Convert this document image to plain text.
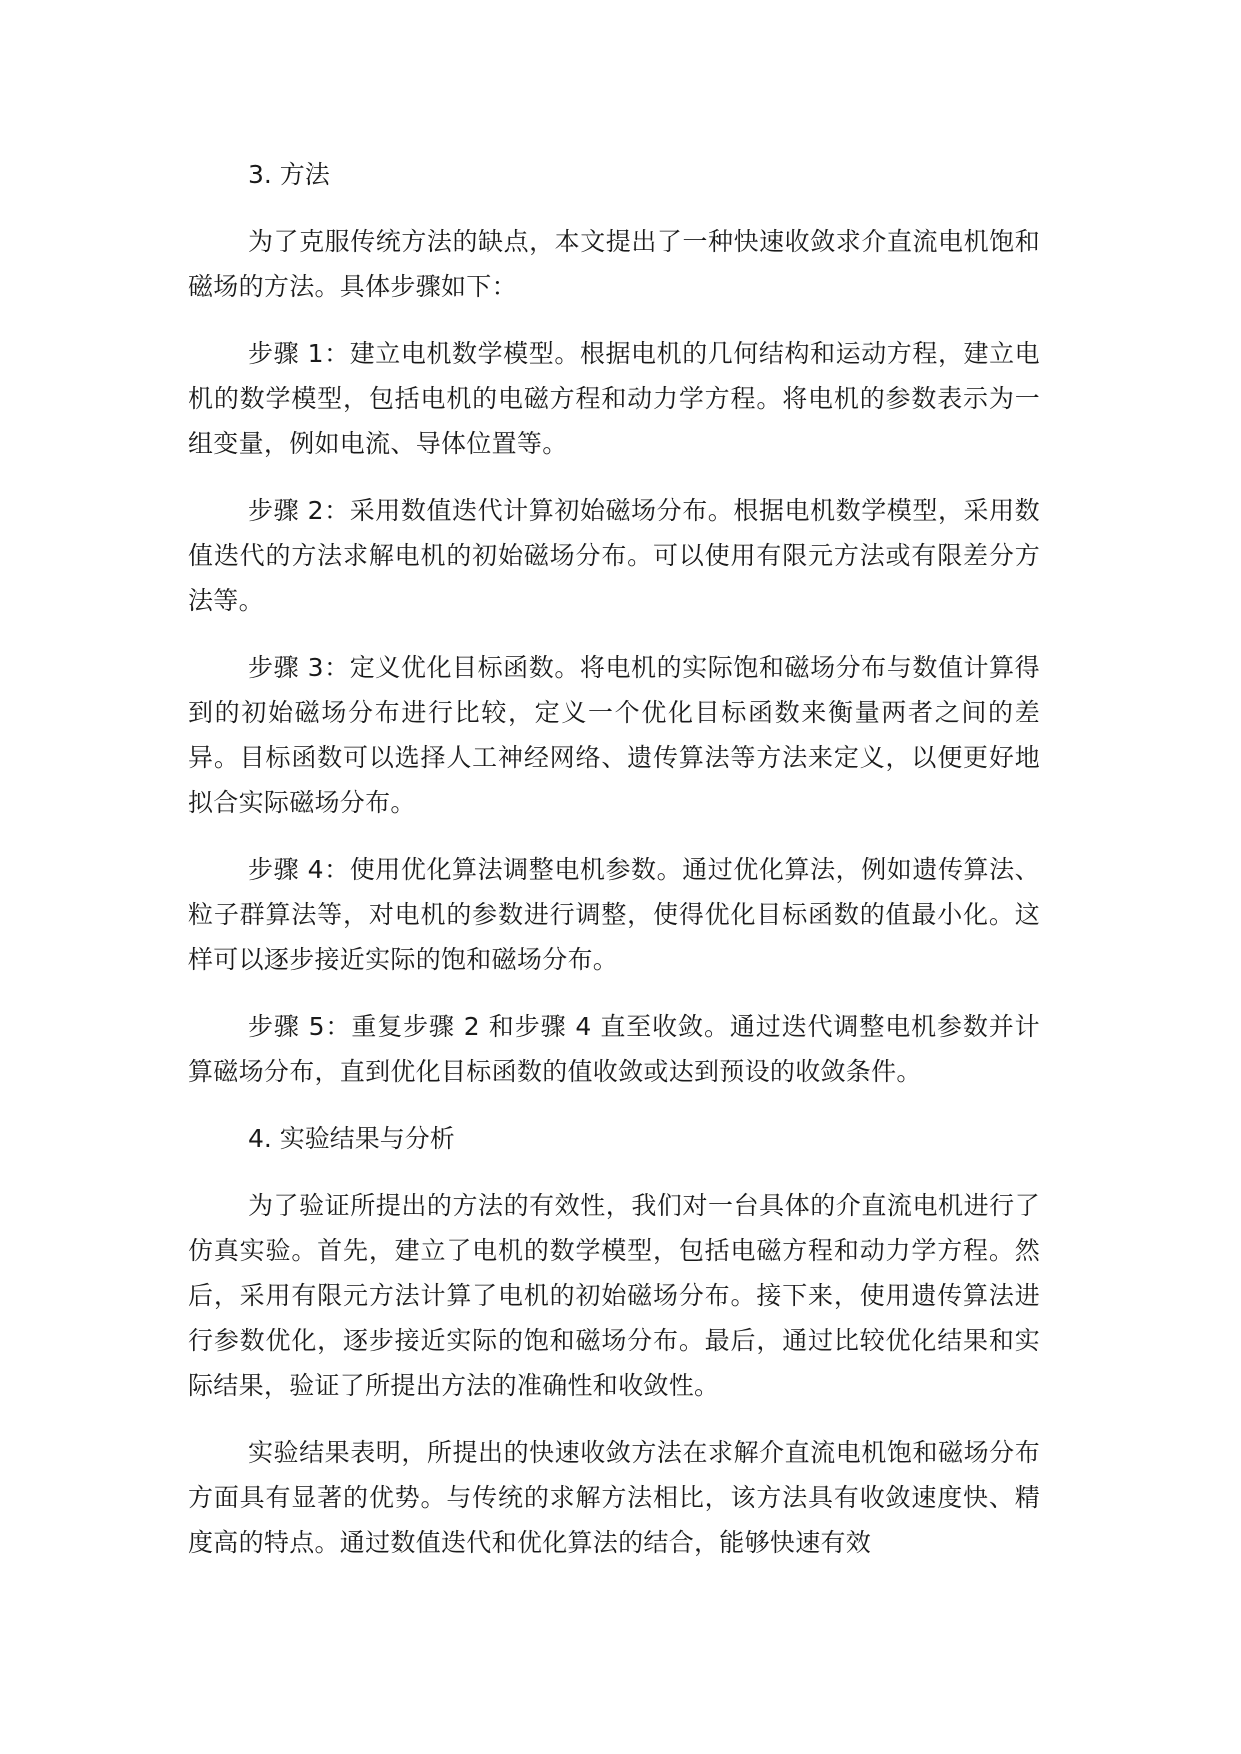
3. 方法

为了克服传统方法的缺点，本文提出了一种快速收敛求介直流电机饱和磁场的方法。具体步骤如下：

步骤 1：建立电机数学模型。根据电机的几何结构和运动方程，建立电机的数学模型，包括电机的电磁方程和动力学方程。将电机的参数表示为一组变量，例如电流、导体位置等。

步骤 2：采用数值迭代计算初始磁场分布。根据电机数学模型，采用数值迭代的方法求解电机的初始磁场分布。可以使用有限元方法或有限差分方法等。

步骤 3：定义优化目标函数。将电机的实际饱和磁场分布与数值计算得到的初始磁场分布进行比较，定义一个优化目标函数来衡量两者之间的差异。目标函数可以选择人工神经网络、遗传算法等方法来定义，以便更好地拟合实际磁场分布。

步骤 4：使用优化算法调整电机参数。通过优化算法，例如遗传算法、粒子群算法等，对电机的参数进行调整，使得优化目标函数的值最小化。这样可以逐步接近实际的饱和磁场分布。

步骤 5：重复步骤 2 和步骤 4 直至收敛。通过迭代调整电机参数并计算磁场分布，直到优化目标函数的值收敛或达到预设的收敛条件。

4. 实验结果与分析

为了验证所提出的方法的有效性，我们对一台具体的介直流电机进行了仿真实验。首先，建立了电机的数学模型，包括电磁方程和动力学方程。然后，采用有限元方法计算了电机的初始磁场分布。接下来，使用遗传算法进行参数优化，逐步接近实际的饱和磁场分布。最后，通过比较优化结果和实际结果，验证了所提出方法的准确性和收敛性。

实验结果表明，所提出的快速收敛方法在求解介直流电机饱和磁场分布方面具有显著的优势。与传统的求解方法相比，该方法具有收敛速度快、精度高的特点。通过数值迭代和优化算法的结合，能够快速有效
